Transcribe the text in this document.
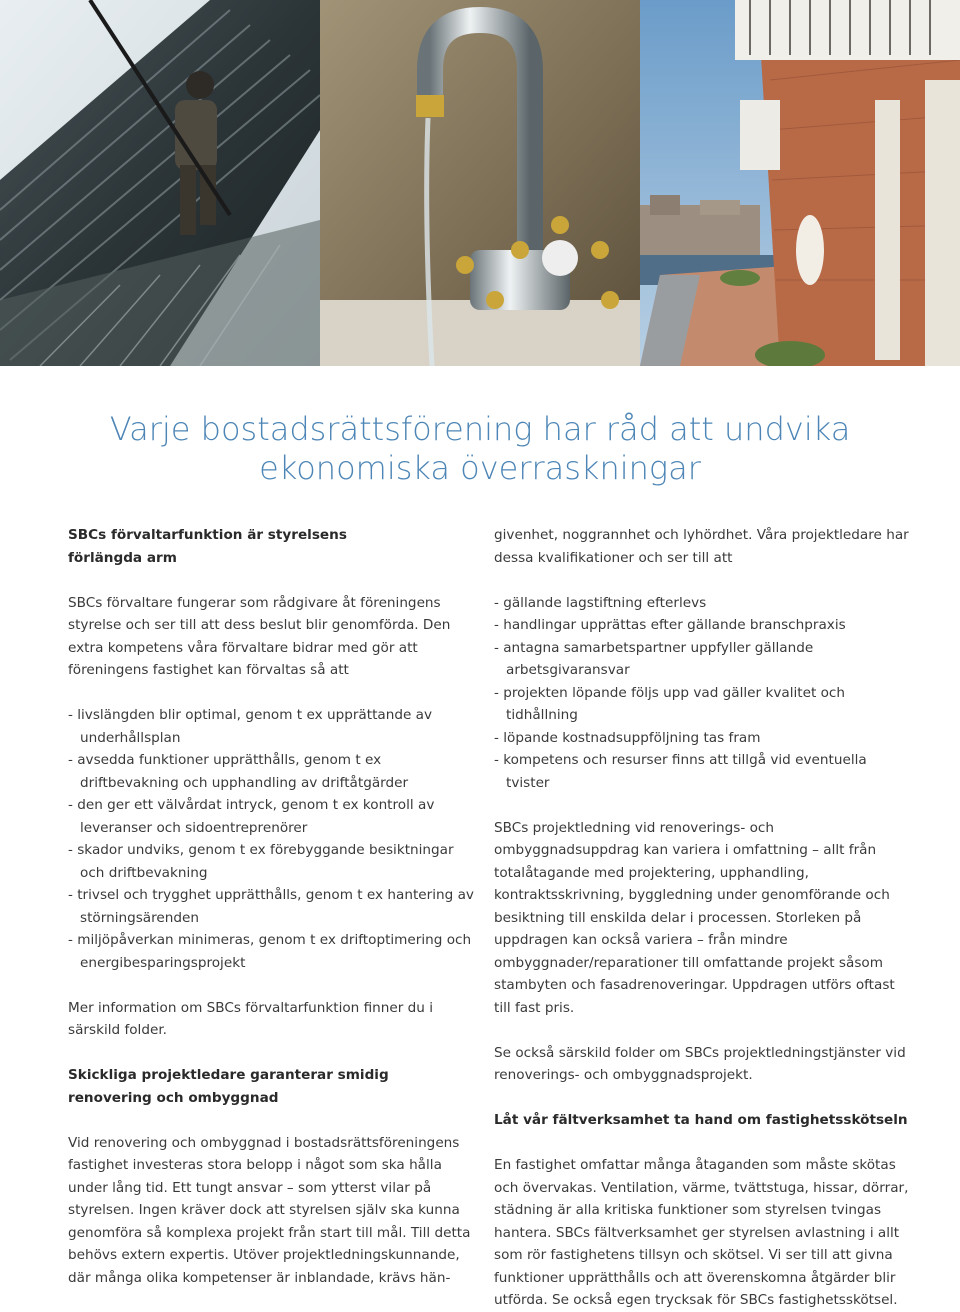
Varje bostadsrättsförening har råd att undvika
ekonomiska överraskningar

SBCs förvaltarfunktion är styrelsens
förlängda arm

SBCs förvaltare fungerar som rådgivare åt föreningens styrelse och ser till att dess beslut blir genomförda. Den extra kompetens våra förvaltare bidrar med gör att föreningens fastighet kan förvaltas så att

- livslängden blir optimal, genom t ex upprättande av underhållsplan
- avsedda funktioner upprätthålls, genom t ex driftbevakning och upphandling av driftåtgärder
- den ger ett välvårdat intryck, genom t ex kontroll av leveranser och sidoentreprenörer
- skador undviks, genom t ex förebyggande besiktningar och driftbevakning
- trivsel och trygghet upprätthålls, genom t ex hantering av störningsärenden
- miljöpåverkan minimeras, genom t ex driftoptimering och energibesparingsprojekt

Mer information om SBCs förvaltarfunktion finner du i särskild folder.

Skickliga projektledare garanterar smidig
renovering och ombyggnad

Vid renovering och ombyggnad i bostadsrättsföreningens fastighet investeras stora belopp i något som ska hålla under lång tid. Ett tungt ansvar – som ytterst vilar på styrelsen. Ingen kräver dock att styrelsen själv ska kunna genomföra så komplexa projekt från start till mål. Till detta behövs extern expertis. Utöver projektledningskunnande, där många olika kompetenser är inblandade, krävs hän-

givenhet, noggrannhet och lyhördhet. Våra projektledare har dessa kvalifikationer och ser till att

- gällande lagstiftning efterlevs
- handlingar upprättas efter gällande branschpraxis
- antagna samarbetspartner uppfyller gällande arbetsgivaransvar
- projekten löpande följs upp vad gäller kvalitet och tidhållning
- löpande kostnadsuppföljning tas fram
- kompetens och resurser finns att tillgå vid eventuella tvister

SBCs projektledning vid renoverings- och ombyggnadsuppdrag kan variera i omfattning – allt från totalåtagande med projektering, upphandling, kontraktsskrivning, byggledning under genomförande och besiktning till enskilda delar i processen. Storleken på uppdragen kan också variera – från mindre ombyggnader/reparationer till omfattande projekt såsom stambyten och fasadrenoveringar. Uppdragen utförs oftast till fast pris.

Se också särskild folder om SBCs projektledningstjänster vid renoverings- och ombyggnadsprojekt.

Låt vår fältverksamhet ta hand om fastighetsskötseln

En fastighet omfattar många åtaganden som måste skötas och övervakas. Ventilation, värme, tvättstuga, hissar, dörrar, städning är alla kritiska funktioner som styrelsen tvingas hantera. SBCs fältverksamhet ger styrelsen avlastning i allt som rör fastighetens tillsyn och skötsel. Vi ser till att givna funktioner upprätthålls och att överenskomna åtgärder blir utförda. Se också egen trycksak för SBCs fastighetsskötsel.
